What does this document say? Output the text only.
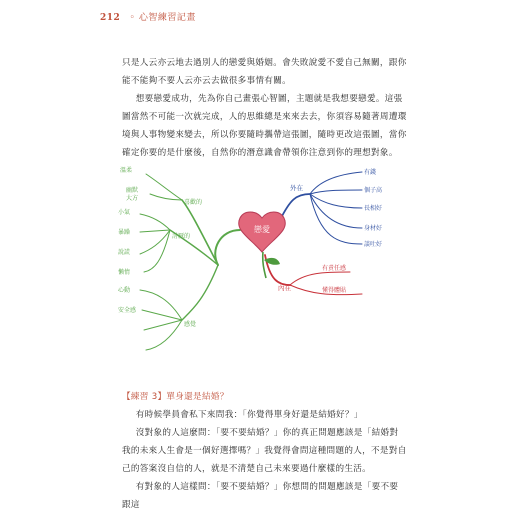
212 ◦ 心智練習記畫

只是人云亦云地去過別人的戀愛與婚姻。會失敗說愛不愛自己無關，跟你能不能夠不要人云亦云去做很多事情有關。

想要戀愛成功，先為你自己畫張心智圖，主題就是我想要戀愛。這張圖當然不可能一次就完成，人的思維總是來來去去，你須容易隨著周遭環境與人事物變來變去，所以你要隨時攜帶這張圖，隨時更改這張圖，當你確定你要的是什麼後，自然你的潛意識會帶領你注意到你的理想對象。

戀愛
外在
有錢
個子高
長相好
身材好
談吐好
內在
有責任感
懂得體貼
喜歡的
溫柔
幽默
大方
討厭的
小氣
暴躁
說謊
懶惰
感覺
心動
安全感

【練習 3】單身還是結婚？

有時候學員會私下來問我：「你覺得單身好還是結婚好？」

沒對象的人這麼問：「要不要結婚？」你的真正問題應該是「結婚對我的未來人生會是一個好選擇嗎？」我覺得會問這種問題的人，不是對自己的答案沒自信的人，就是不清楚自己未來要過什麼樣的生活。

有對象的人這樣問：「要不要結婚？」你想問的問題應該是「要不要跟這
